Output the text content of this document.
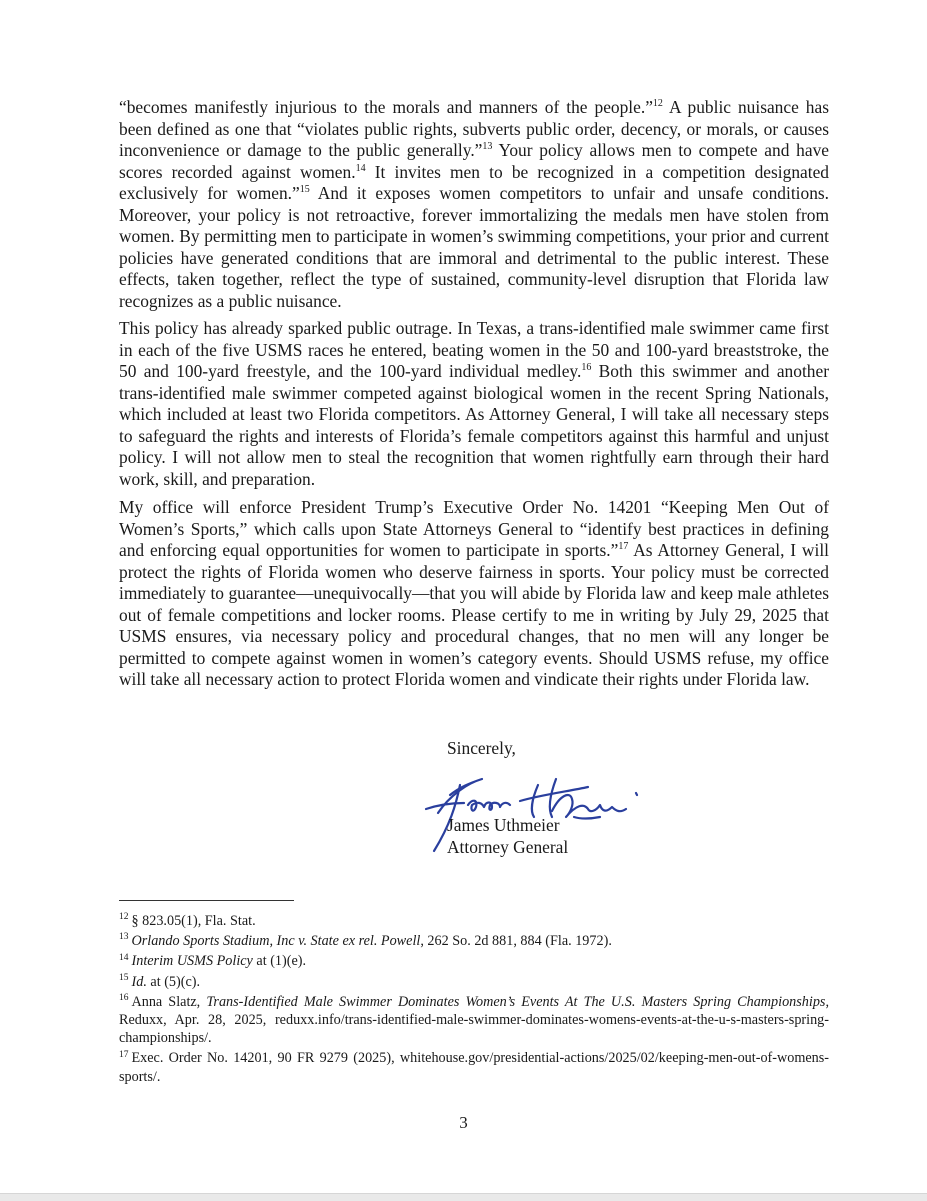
“becomes manifestly injurious to the morals and manners of the people.”$^{12}$ A public nuisance has been defined as one that “violates public rights, subverts public order, decency, or morals, or causes inconvenience or damage to the public generally.”$^{13}$ Your policy allows men to compete and have scores recorded against women.$^{14}$ It invites men to be recognized in a competition designated exclusively for women.”$^{15}$ And it exposes women competitors to unfair and unsafe conditions. Moreover, your policy is not retroactive, forever immortalizing the medals men have stolen from women. By permitting men to participate in women’s swimming competitions, your prior and current policies have generated conditions that are immoral and detrimental to the public interest. These effects, taken together, reflect the type of sustained, community-level disruption that Florida law recognizes as a public nuisance.

This policy has already sparked public outrage. In Texas, a trans-identified male swimmer came first in each of the five USMS races he entered, beating women in the 50 and 100-yard breaststroke, the 50 and 100-yard freestyle, and the 100-yard individual medley.$^{16}$ Both this swimmer and another trans-identified male swimmer competed against biological women in the recent Spring Nationals, which included at least two Florida competitors. As Attorney General, I will take all necessary steps to safeguard the rights and interests of Florida’s female competitors against this harmful and unjust policy. I will not allow men to steal the recognition that women rightfully earn through their hard work, skill, and preparation.

My office will enforce President Trump’s Executive Order No. 14201 “Keeping Men Out of Women’s Sports,” which calls upon State Attorneys General to “identify best practices in defining and enforcing equal opportunities for women to participate in sports.”$^{17}$ As Attorney General, I will protect the rights of Florida women who deserve fairness in sports. Your policy must be corrected immediately to guarantee—unequivocally—that you will abide by Florida law and keep male athletes out of female competitions and locker rooms. Please certify to me in writing by July 29, 2025 that USMS ensures, via necessary policy and procedural changes, that no men will any longer be permitted to compete against women in women’s category events. Should USMS refuse, my office will take all necessary action to protect Florida women and vindicate their rights under Florida law.

Sincerely,
James Uthmeier
Attorney General

$^{12}$ § 823.05(1), Fla. Stat.

$^{13}$ Orlando Sports Stadium, Inc v. State ex rel. Powell, 262 So. 2d 881, 884 (Fla. 1972).

$^{14}$ Interim USMS Policy at (1)(e).

$^{15}$ Id. at (5)(c).

$^{16}$ Anna Slatz, Trans-Identified Male Swimmer Dominates Women’s Events At The U.S. Masters Spring Championships, Reduxx, Apr. 28, 2025, reduxx.info/trans-identified-male-swimmer-dominates-womens-events-at-the-u-s-masters-spring-championships/.

$^{17}$ Exec. Order No. 14201, 90 FR 9279 (2025), whitehouse.gov/presidential-actions/2025/02/keeping-men-out-of-womens-sports/.

3
